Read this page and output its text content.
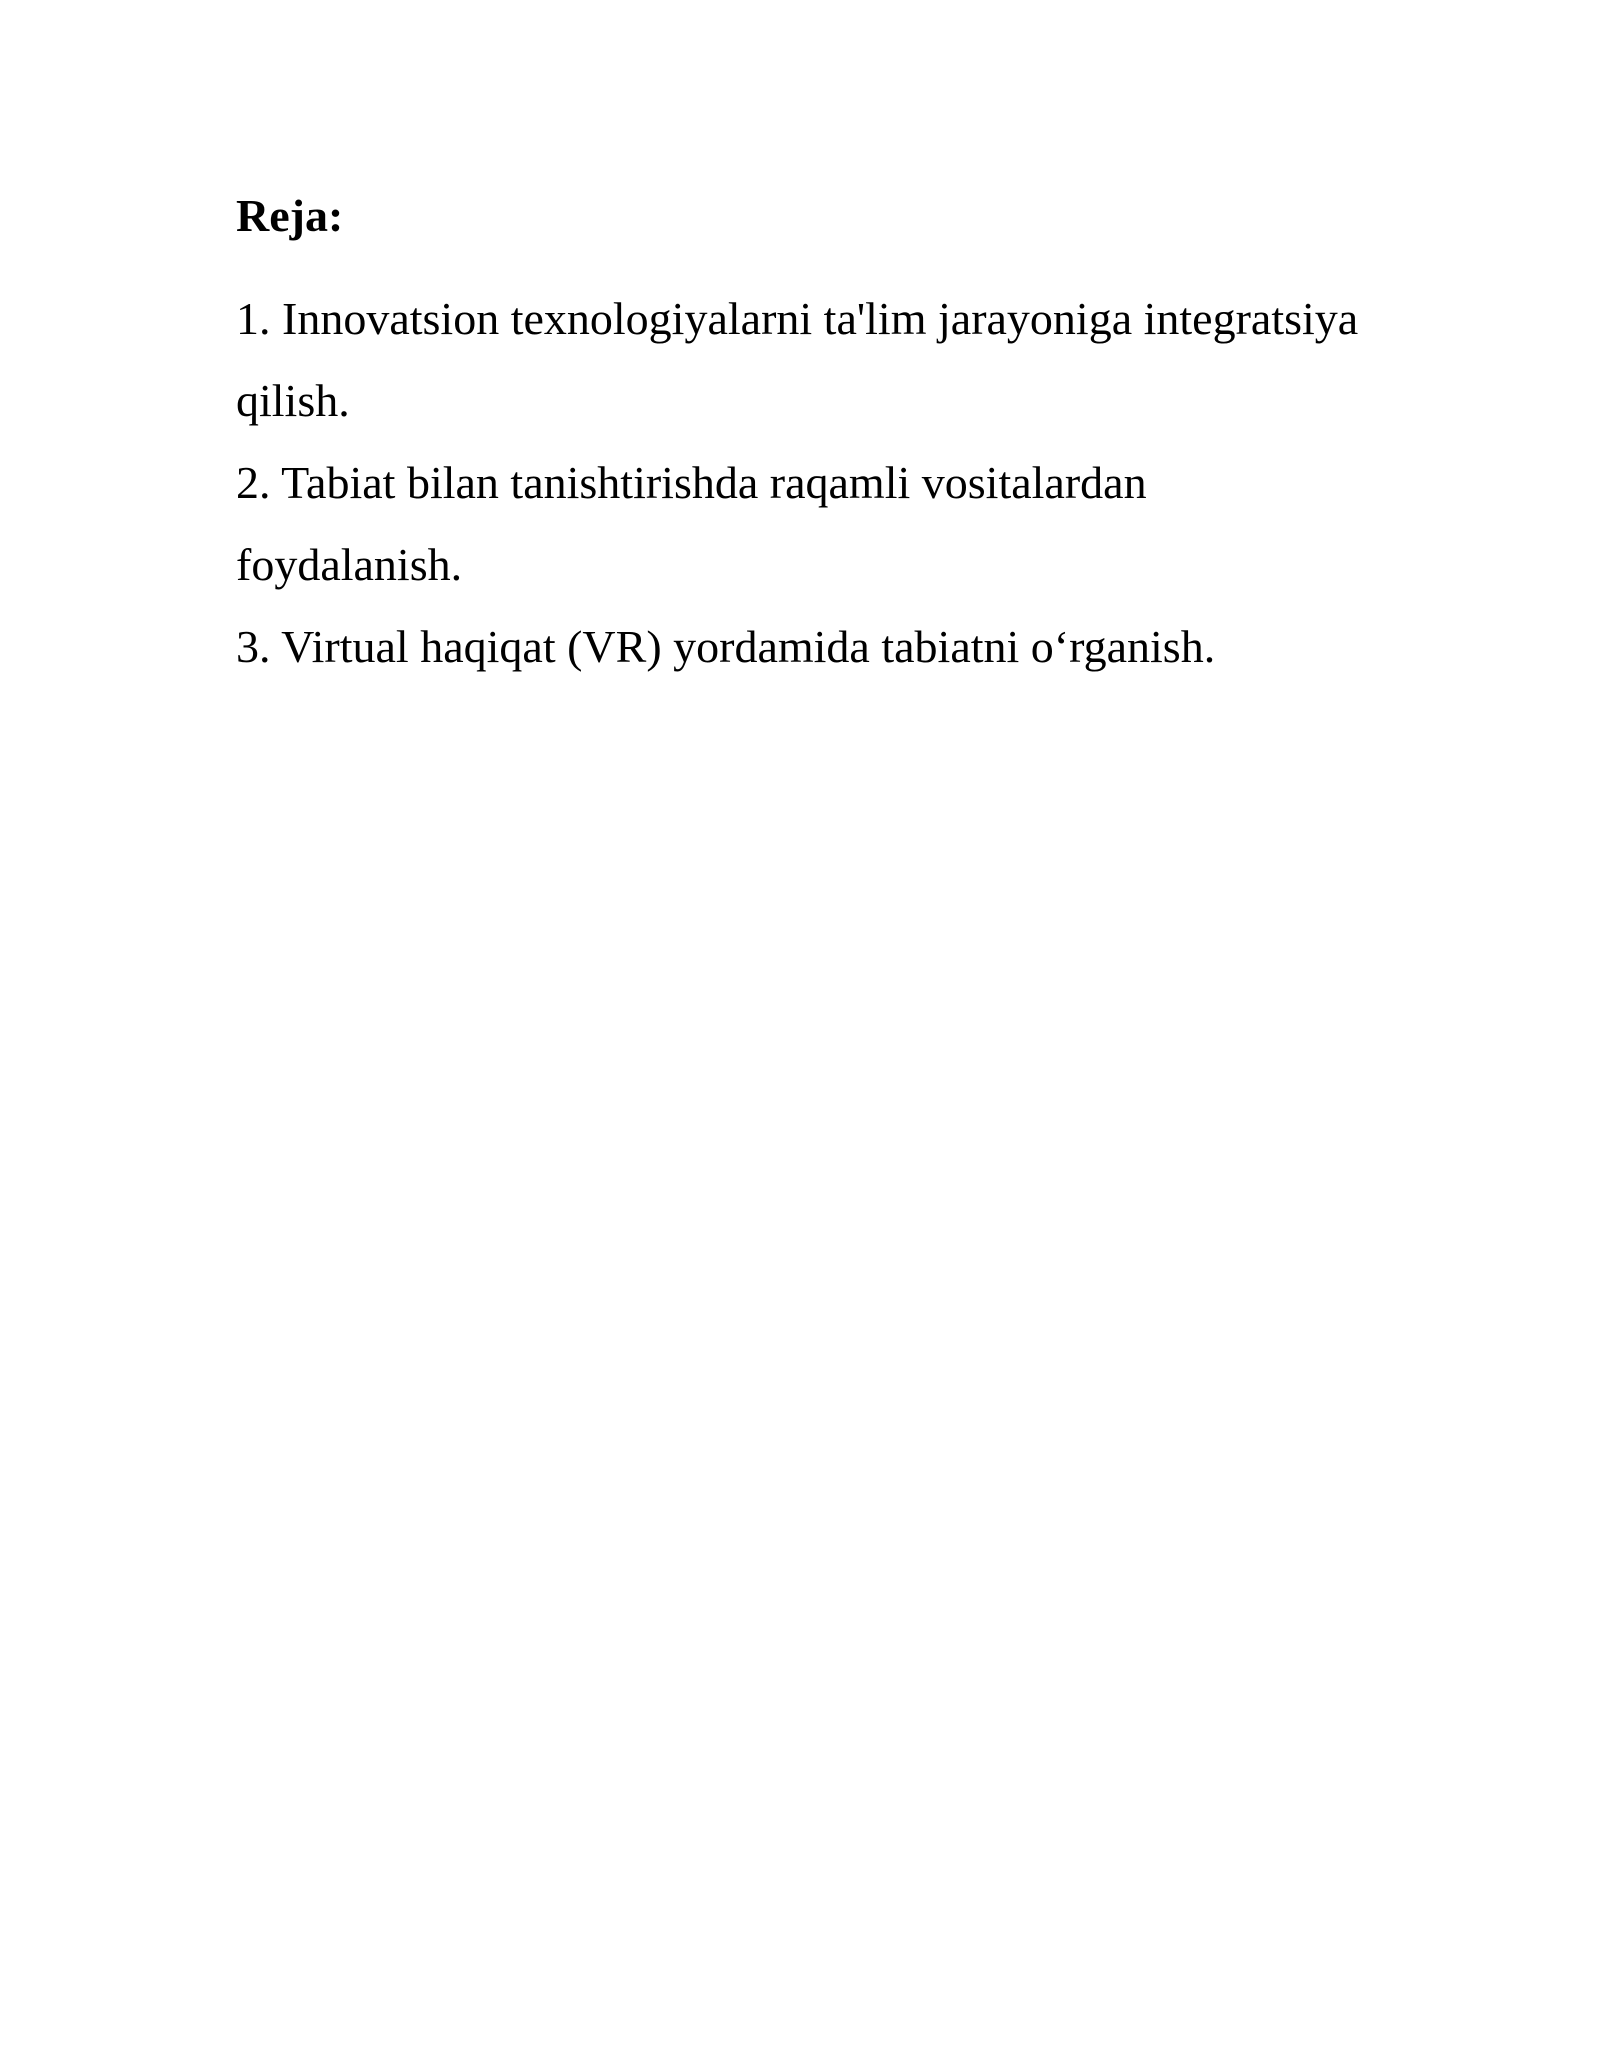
Reja:

1. Innovatsion texnologiyalarni ta'lim jarayoniga integratsiya qilish.

2. Tabiat bilan tanishtirishda raqamli vositalardan foydalanish.

3. Virtual haqiqat (VR) yordamida tabiatni o‘rganish.
